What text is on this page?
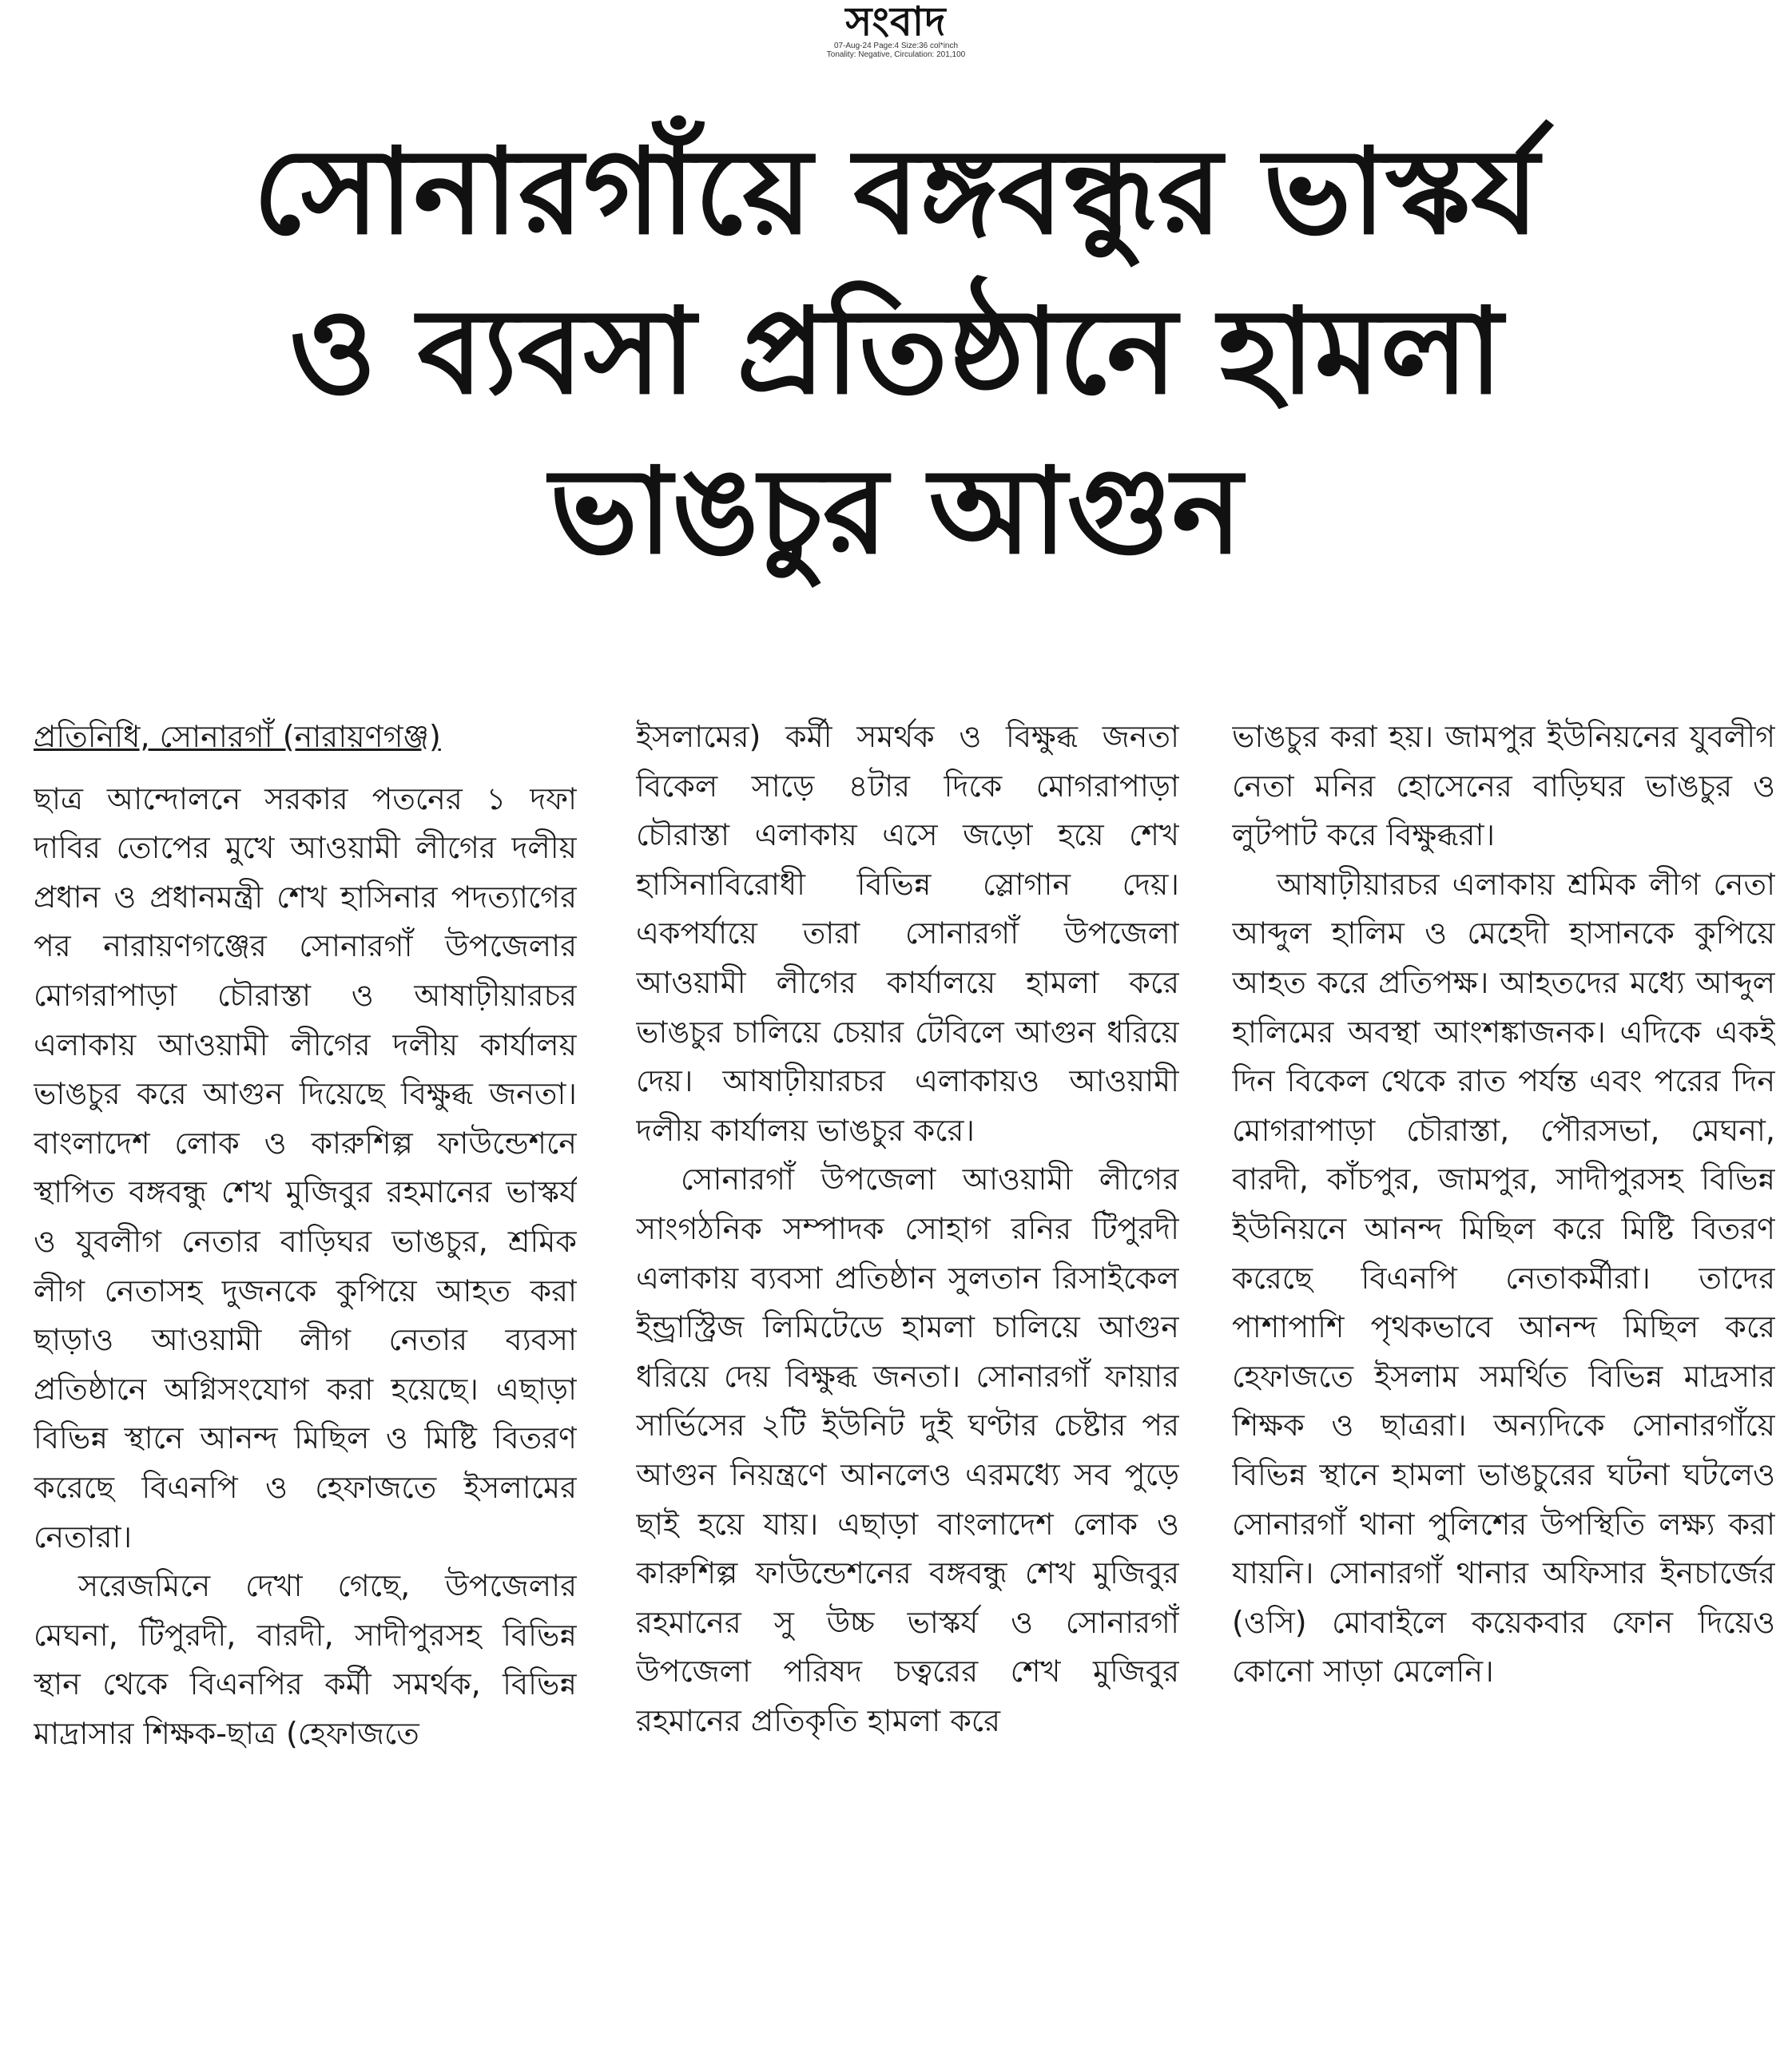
সংবাদ
07-Aug-24 Page:4 Size:36 col*inch
Tonality: Negative, Circulation: 201,100
সোনারগাঁয়ে বঙ্গবন্ধুর ভাস্কর্য
ও ব্যবসা প্রতিষ্ঠানে হামলা
ভাঙচুর আগুন
প্রতিনিধি, সোনারগাঁ (নারায়ণগঞ্জ)

ছাত্র আন্দোলনে সরকার পতনের ১ দফা দাবির তোপের মুখে আওয়ামী লীগের দলীয় প্রধান ও প্রধানমন্ত্রী শেখ হাসিনার পদত্যাগের পর নারায়ণগঞ্জের সোনারগাঁ উপজেলার মোগরাপাড়া চৌরাস্তা ও আষাঢ়ীয়ারচর এলাকায় আওয়ামী লীগের দলীয় কার্যালয় ভাঙচুর করে আগুন দিয়েছে বিক্ষুব্ধ জনতা। বাংলাদেশ লোক ও কারুশিল্প ফাউন্ডেশনে স্থাপিত বঙ্গবন্ধু শেখ মুজিবুর রহমানের ভাস্কর্য ও যুবলীগ নেতার বাড়িঘর ভাঙচুর, শ্রমিক লীগ নেতাসহ দুজনকে কুপিয়ে আহত করা ছাড়াও আওয়ামী লীগ নেতার ব্যবসা প্রতিষ্ঠানে অগ্নিসংযোগ করা হয়েছে। এছাড়া বিভিন্ন স্থানে আনন্দ মিছিল ও মিষ্টি বিতরণ করেছে বিএনপি ও হেফাজতে ইসলামের নেতারা।

সরেজমিনে দেখা গেছে, উপজেলার মেঘনা, টিপুরদী, বারদী, সাদীপুরসহ বিভিন্ন স্থান থেকে বিএনপির কর্মী সমর্থক, বিভিন্ন মাদ্রাসার শিক্ষক-ছাত্র (হেফাজতে

ইসলামের) কর্মী সমর্থক ও বিক্ষুব্ধ জনতা বিকেল সাড়ে ৪টার দিকে মোগরাপাড়া চৌরাস্তা এলাকায় এসে জড়ো হয়ে শেখ হাসিনাবিরোধী বিভিন্ন স্লোগান দেয়। একপর্যায়ে তারা সোনারগাঁ উপজেলা আওয়ামী লীগের কার্যালয়ে হামলা করে ভাঙচুর চালিয়ে চেয়ার টেবিলে আগুন ধরিয়ে দেয়। আষাঢ়ীয়ারচর এলাকায়ও আওয়ামী দলীয় কার্যালয় ভাঙচুর করে।

সোনারগাঁ উপজেলা আওয়ামী লীগের সাংগঠনিক সম্পাদক সোহাগ রনির টিপুরদী এলাকায় ব্যবসা প্রতিষ্ঠান সুলতান রিসাইকেল ইন্ড্রাস্ট্রিজ লিমিটেডে হামলা চালিয়ে আগুন ধরিয়ে দেয় বিক্ষুব্ধ জনতা। সোনারগাঁ ফায়ার সার্ভিসের ২টি ইউনিট দুই ঘণ্টার চেষ্টার পর আগুন নিয়ন্ত্রণে আনলেও এরমধ্যে সব পুড়ে ছাই হয়ে যায়। এছাড়া বাংলাদেশ লোক ও কারুশিল্প ফাউন্ডেশনের বঙ্গবন্ধু শেখ মুজিবুর রহমানের সু উচ্চ ভাস্কর্য ও সোনারগাঁ উপজেলা পরিষদ চত্বরের শেখ মুজিবুর রহমানের প্রতিকৃতি হামলা করে

ভাঙচুর করা হয়। জামপুর ইউনিয়নের যুবলীগ নেতা মনির হোসেনের বাড়িঘর ভাঙচুর ও লুটপাট করে বিক্ষুব্ধরা।

আষাঢ়ীয়ারচর এলাকায় শ্রমিক লীগ নেতা আব্দুল হালিম ও মেহেদী হাসানকে কুপিয়ে আহত করে প্রতিপক্ষ। আহতদের মধ্যে আব্দুল হালিমের অবস্থা আংশঙ্কাজনক। এদিকে একই দিন বিকেল থেকে রাত পর্যন্ত এবং পরের দিন মোগরাপাড়া চৌরাস্তা, পৌরসভা, মেঘনা, বারদী, কাঁচপুর, জামপুর, সাদীপুরসহ বিভিন্ন ইউনিয়নে আনন্দ মিছিল করে মিষ্টি বিতরণ করেছে বিএনপি নেতাকর্মীরা। তাদের পাশাপাশি পৃথকভাবে আনন্দ মিছিল করে হেফাজতে ইসলাম সমর্থিত বিভিন্ন মাদ্রসার শিক্ষক ও ছাত্ররা। অন্যদিকে সোনারগাঁয়ে বিভিন্ন স্থানে হামলা ভাঙচুরের ঘটনা ঘটলেও সোনারগাঁ থানা পুলিশের উপস্থিতি লক্ষ্য করা যায়নি। সোনারগাঁ থানার অফিসার ইনচার্জের (ওসি) মোবাইলে কয়েকবার ফোন দিয়েও কোনো সাড়া মেলেনি।
